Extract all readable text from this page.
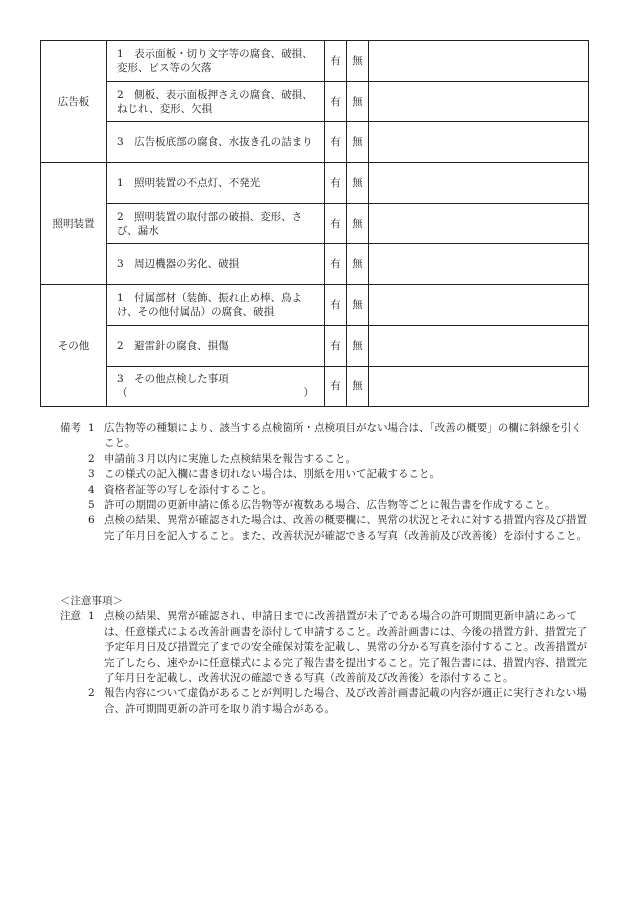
広告板	1　表示面板・切り文字等の腐食、破損、変形、ビス等の欠落	有	無	

	2　側板、表示面板押さえの腐食、破損、ねじれ、変形、欠損	有	無	

	3　広告板底部の腐食、水抜き孔の詰まり	有	無	
照明装置	1　照明装置の不点灯、不発光	有	無	

	2　照明装置の取付部の破損、変形、さび、漏水	有	無	

	3　周辺機器の劣化、破損	有	無	
その他	1　付属部材（装飾、振れ止め棒、鳥よけ、その他付属品）の腐食、破損	有	無	

	2　避雷針の腐食、損傷	有	無	

	3　その他点検した事項
（ ）	有	無	
備考 1 広告物等の種類により、該当する点検箇所・点検項目がない場合は、「改善の概要」の欄に斜線を引くこと。
2 申請前３月以内に実施した点検結果を報告すること。
3 この様式の記入欄に書き切れない場合は、別紙を用いて記載すること。
4 資格者証等の写しを添付すること。
5 許可の期間の更新申請に係る広告物等が複数ある場合、広告物等ごとに報告書を作成すること。
6 点検の結果、異常が確認された場合は、改善の概要欄に、異常の状況とそれに対する措置内容及び措置完了年月日を記入すること。また、改善状況が確認できる写真（改善前及び改善後）を添付すること。
＜注意事項＞
注意 1 点検の結果、異常が確認され、申請日までに改善措置が未了である場合の許可期間更新申請にあっては、任意様式による改善計画書を添付して申請すること。改善計画書には、今後の措置方針、措置完了予定年月日及び措置完了までの安全確保対策を記載し、異常の分かる写真を添付すること。改善措置が完了したら、速やかに任意様式による完了報告書を提出すること。完了報告書には、措置内容、措置完了年月日を記載し、改善状況の確認できる写真（改善前及び改善後）を添付すること。
2 報告内容について虚偽があることが判明した場合、及び改善計画書記載の内容が適正に実行されない場合、許可期間更新の許可を取り消す場合がある。
